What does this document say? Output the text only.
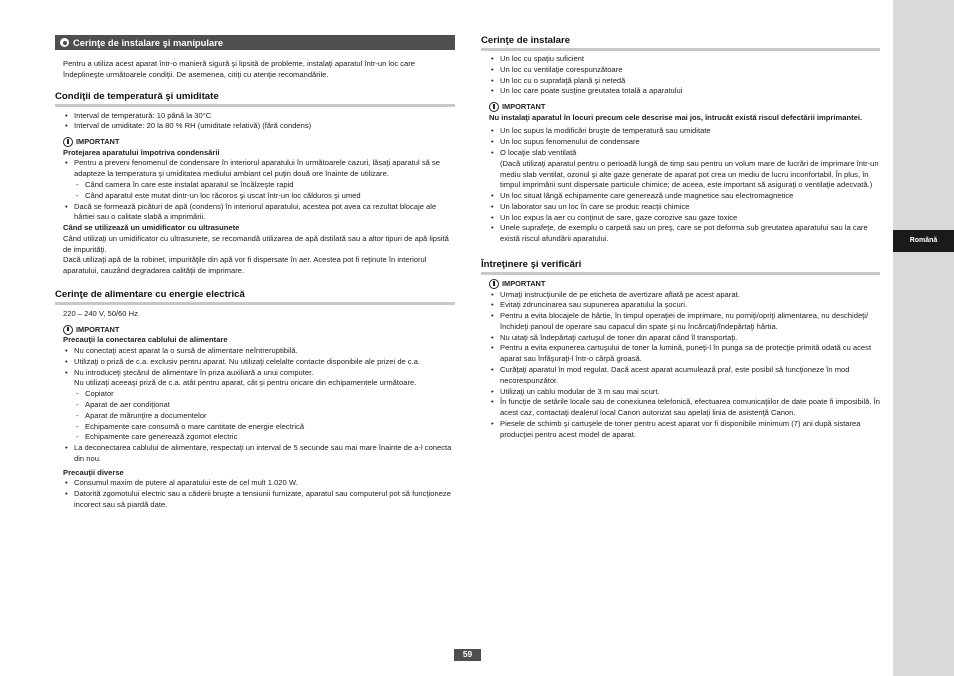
Română
Cerinţe de instalare şi manipulare

Pentru a utiliza acest aparat într-o manieră sigură şi lipsită de probleme, instalaţi aparatul într-un loc care îndeplineşte următoarele condiţii. De asemenea, citiţi cu atenţie recomandările.

Condiţii de temperatură şi umiditate
• Interval de temperatură: 10 până la 30°C
• Interval de umiditate: 20 la 80 % RH (umiditate relativă) (fără condens)
IMPORTANT
Protejarea aparatului împotriva condensării
• Pentru a preveni fenomenul de condensare în interiorul aparatului în următoarele cazuri, lăsaţi aparatul să se adapteze la temperatura şi umiditatea mediului ambiant cel puţin două ore înainte de utilizare.
- Când camera în care este instalat aparatul se încălzeşte rapid
- Când aparatul este mutat dintr-un loc răcoros şi uscat într-un loc călduros şi umed
• Dacă se formează picături de apă (condens) în interiorul aparatului, acestea pot avea ca rezultat blocaje ale hârtiei sau o calitate slabă a imprimării.
Când se utilizează un umidificator cu ultrasunete

Când utilizaţi un umidificator cu ultrasunete, se recomandă utilizarea de apă distilată sau a altor tipuri de apă lipsită de impurităţi.

Dacă utilizaţi apă de la robinet, impurităţile din apă vor fi dispersate în aer. Acestea pot fi reţinute în interiorul aparatului, cauzând degradarea calităţii de imprimare.

Cerinţe de alimentare cu energie electrică

220 – 240 V, 50/60 Hz

IMPORTANT
Precauţii la conectarea cablului de alimentare
• Nu conectaţi acest aparat la o sursă de alimentare neîntreruptibilă.
• Utilizaţi o priză de c.a. exclusiv pentru aparat. Nu utilizaţi celelalte contacte disponibile ale prizei de c.a.
• Nu introduceţi ştecărul de alimentare în priza auxiliară a unui computer.
Nu utilizaţi aceeaşi priză de c.a. atât pentru aparat, cât şi pentru oricare din echipamentele următoare.
- Copiator
- Aparat de aer condiţionat
- Aparat de mărunţire a documentelor
- Echipamente care consumă o mare cantitate de energie electrică
- Echipamente care generează zgomot electric
• La deconectarea cablului de alimentare, respectaţi un interval de 5 secunde sau mai mare înainte de a-l conecta din nou.
Precauţii diverse
• Consumul maxim de putere al aparatului este de cel mult 1.020 W.
• Datorită zgomotului electric sau a căderii bruşte a tensiunii furnizate, aparatul sau computerul pot să funcţioneze incorect sau să piardă date.
Cerinţe de instalare
• Un loc cu spaţiu suficient
• Un loc cu ventilaţie corespunzătoare
• Un loc cu o suprafaţă plană şi netedă
• Un loc care poate susţine greutatea totală a aparatului
IMPORTANT
Nu instalaţi aparatul în locuri precum cele descrise mai jos, întrucât există riscul defectării imprimantei.
• Un loc supus la modificări bruşte de temperatură sau umiditate
• Un loc supus fenomenului de condensare
• O locaţie slab ventilată
(Dacă utilizaţi aparatul pentru o perioadă lungă de timp sau pentru un volum mare de lucrări de imprimare într-un mediu slab ventilat, ozonul şi alte gaze generate de aparat pot crea un mediu de lucru inconfortabil. În plus, în timpul imprimării sunt dispersate particule chimice; de aceea, este important să asiguraţi o ventilaţie adecvată.)
• Un loc situat lângă echipamente care generează unde magnetice sau electromagnetice
• Un laborator sau un loc în care se produc reacţii chimice
• Un loc expus la aer cu conţinut de sare, gaze corozive sau gaze toxice
• Unele suprafeţe, de exemplu o carpetă sau un preş, care se pot deforma sub greutatea aparatului sau la care există riscul afundării aparatului.
Întreţinere şi verificări
IMPORTANT
• Urmaţi instrucţiunile de pe eticheta de avertizare aflată pe acest aparat.
• Evitaţi zdruncinarea sau supunerea aparatului la şocuri.
• Pentru a evita blocajele de hârtie, în timpul operaţiei de imprimare, nu porniţi/opriţi alimentarea, nu deschideţi/închideţi panoul de operare sau capacul din spate şi nu încărcaţi/îndepărtaţi hârtia.
• Nu uitaţi să îndepărtaţi cartuşul de toner din aparat când îl transportaţi.
• Pentru a evita expunerea cartuşului de toner la lumină, puneţi-l în punga sa de protecţie primită odată cu acest aparat sau înfăşuraţi-l într-o cârpă groasă.
• Curăţaţi aparatul în mod regulat. Dacă acest aparat acumulează praf, este posibil să funcţioneze în mod necorespunzător.
• Utilizaţi un cablu modular de 3 m sau mai scurt.
• În funcţie de setările locale sau de conexiunea telefonică, efectuarea comunicaţiilor de date poate fi imposibilă. În acest caz, contactaţi dealerul local Canon autorizat sau apelaţi linia de asistenţă Canon.
• Piesele de schimb şi cartuşele de toner pentru acest aparat vor fi disponibile minimum (7) ani după sistarea producţiei pentru acest model de aparat.
59
